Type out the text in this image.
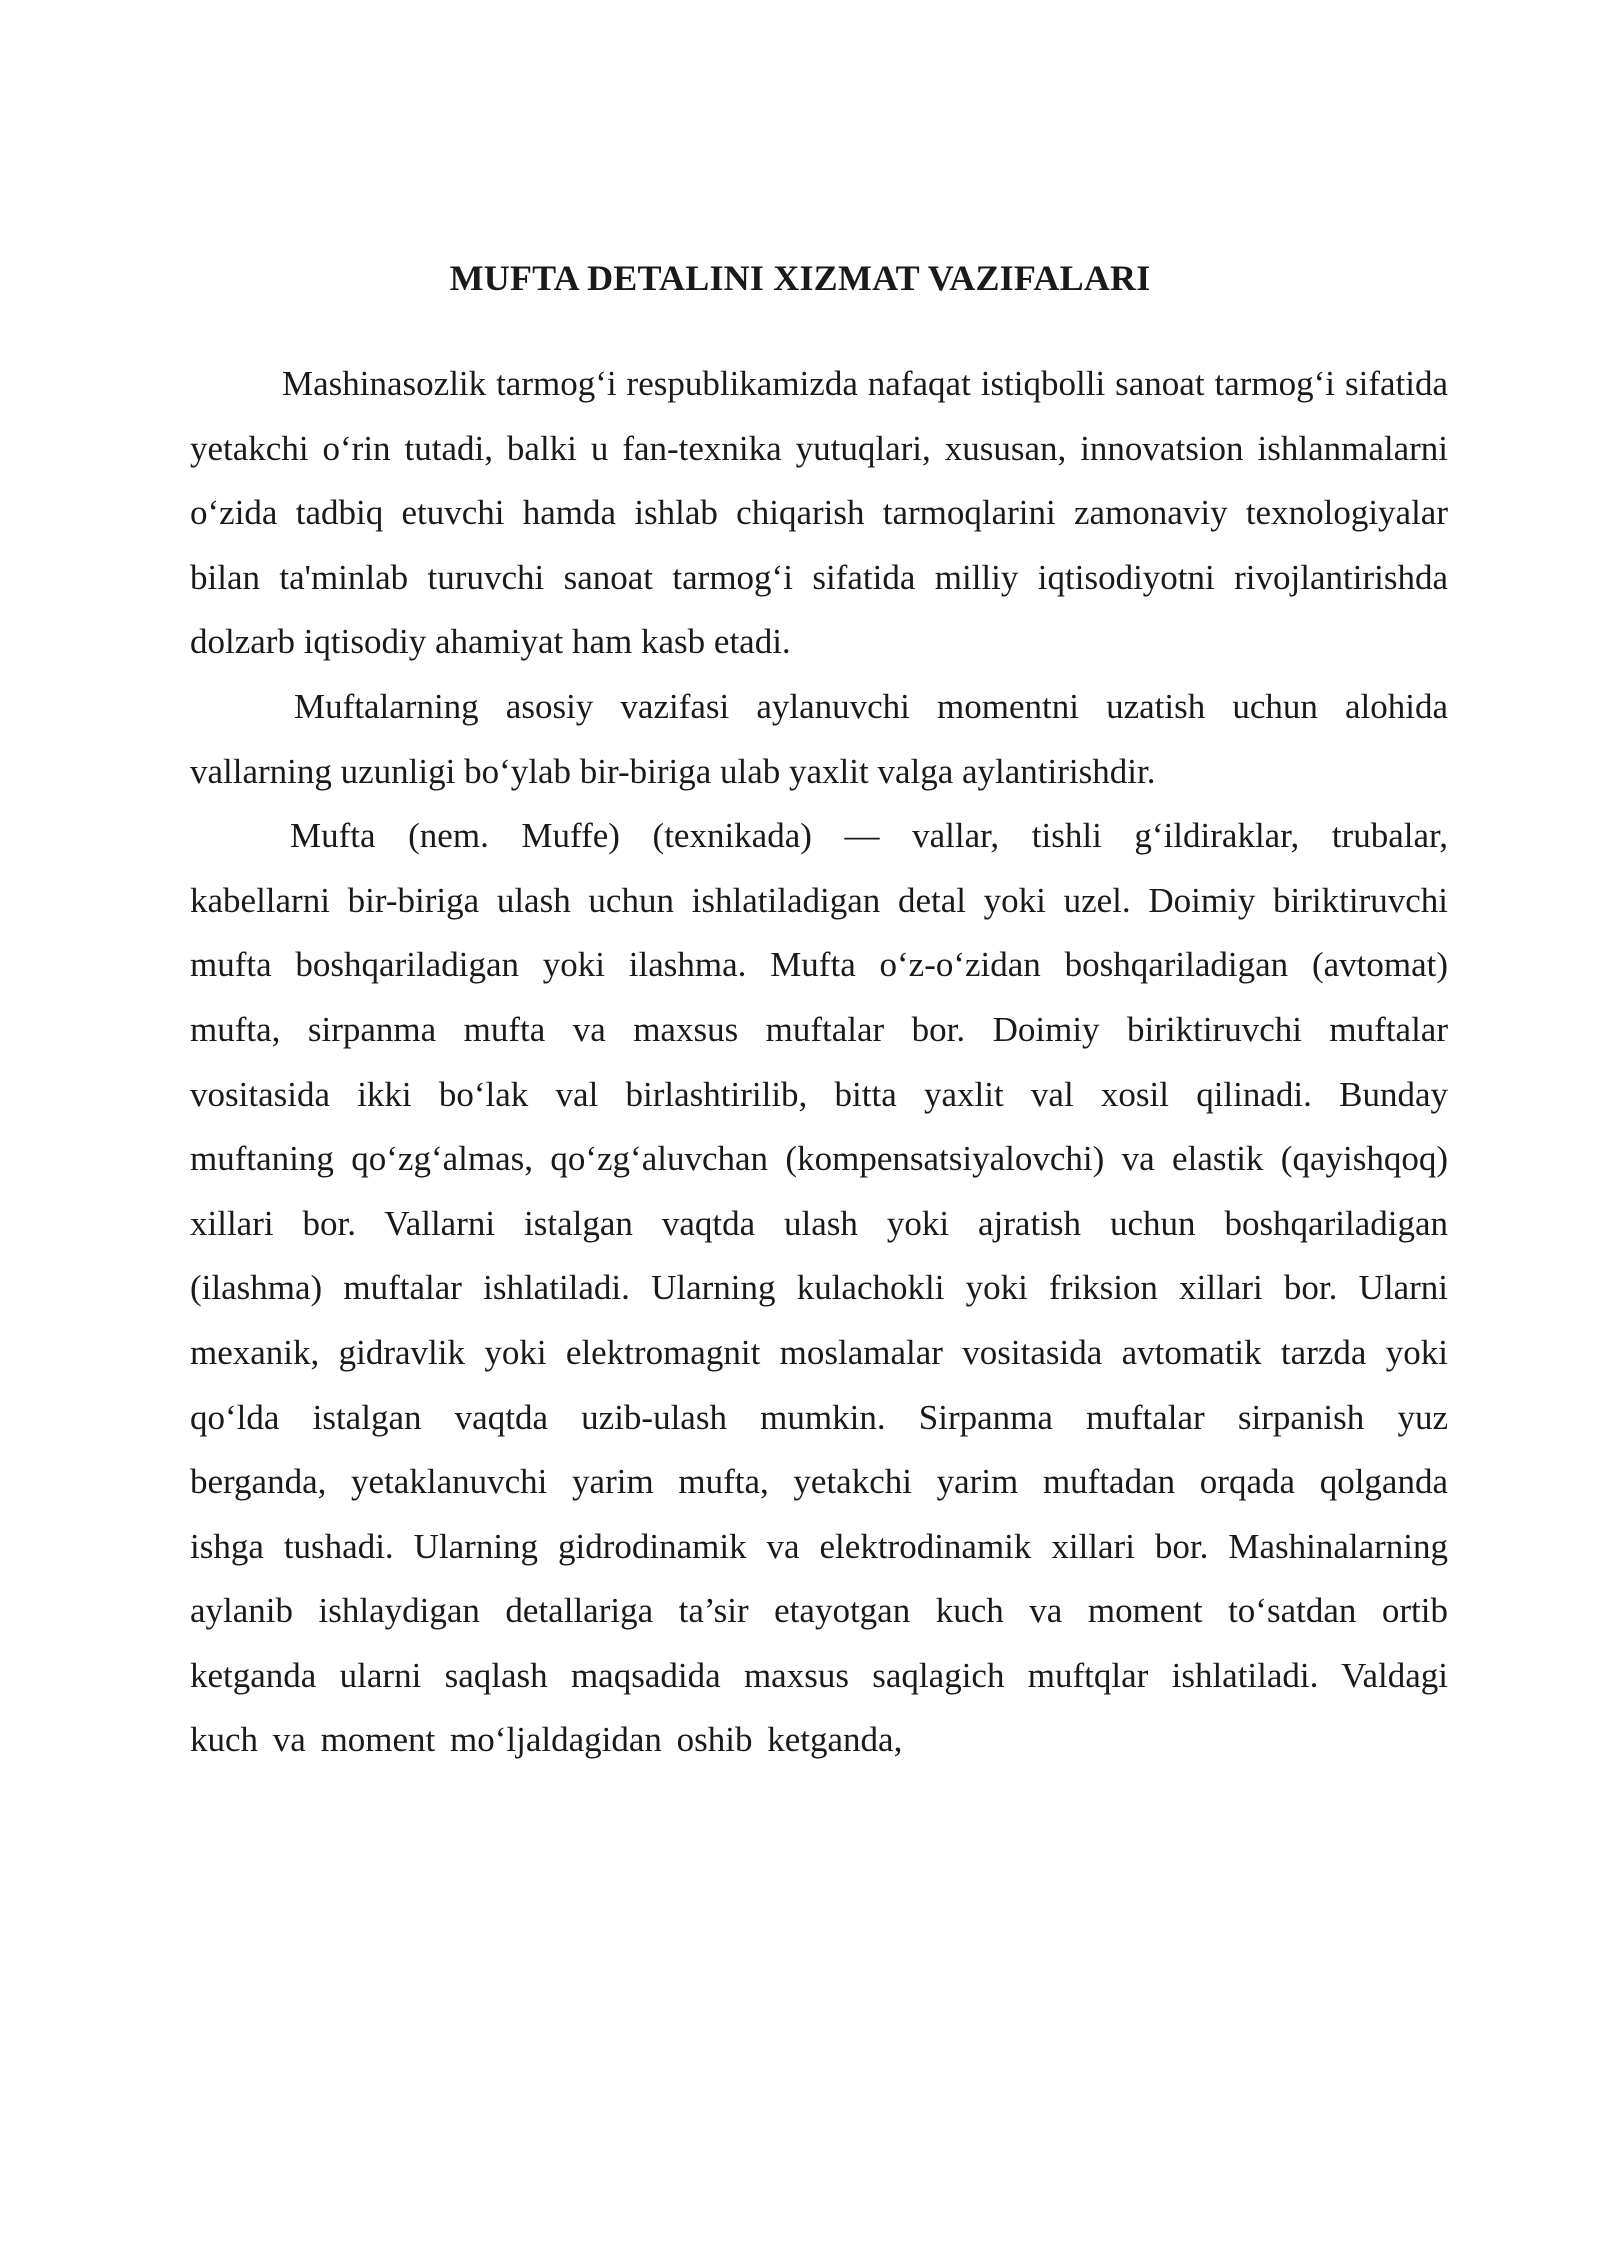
MUFTA DETALINI XIZMAT VAZIFALARI

Mashinasozlik tarmog‘i respublikamizda nafaqat istiqbolli sanoat tarmog‘i sifatida yetakchi o‘rin tutadi, balki u fan-texnika yutuqlari, xususan, innovatsion ishlanmalarni o‘zida tadbiq etuvchi hamda ishlab chiqarish tarmoqlarini zamonaviy texnologiyalar bilan ta'minlab turuvchi sanoat tarmog‘i sifatida milliy iqtisodiyotni rivojlantirishda dolzarb iqtisodiy ahamiyat ham kasb etadi.

Muftalarning asosiy vazifasi aylanuvchi momentni uzatish uchun alohida vallarning uzunligi bo‘ylab bir-biriga ulab yaxlit valga aylantirishdir.

Mufta (nem. Muffe) (texnikada) — vallar, tishli g‘ildiraklar, trubalar, kabellarni bir-biriga ulash uchun ishlatiladigan detal yoki uzel. Doimiy biriktiruvchi mufta boshqariladigan yoki ilashma. Mufta o‘z-o‘zidan boshqariladigan (avtomat) mufta, sirpanma mufta va maxsus muftalar bor. Doimiy biriktiruvchi muftalar vositasida ikki bo‘lak val birlashtirilib, bitta yaxlit val xosil qilinadi. Bunday muftaning qo‘zg‘almas, qo‘zg‘aluvchan (kompensatsiyalovchi) va elastik (qayishqoq) xillari bor. Vallarni istalgan vaqtda ulash yoki ajratish uchun boshqariladigan (ilashma) muftalar ishlatiladi. Ularning kulachokli yoki friksion xillari bor. Ularni mexanik, gidravlik yoki elektromagnit moslamalar vositasida avtomatik tarzda yoki qo‘lda istalgan vaqtda uzib-ulash mumkin. Sirpanma muftalar sirpanish yuz berganda, yetaklanuvchi yarim mufta, yetakchi yarim muftadan orqada qolganda ishga tushadi. Ularning gidrodinamik va elektrodinamik xillari bor. Mashinalarning aylanib ishlaydigan detallariga ta’sir etayotgan kuch va moment to‘satdan ortib ketganda ularni saqlash maqsadida maxsus saqlagich muftqlar ishlatiladi. Valdagi kuch va moment mo‘ljaldagidan oshib ketganda,
